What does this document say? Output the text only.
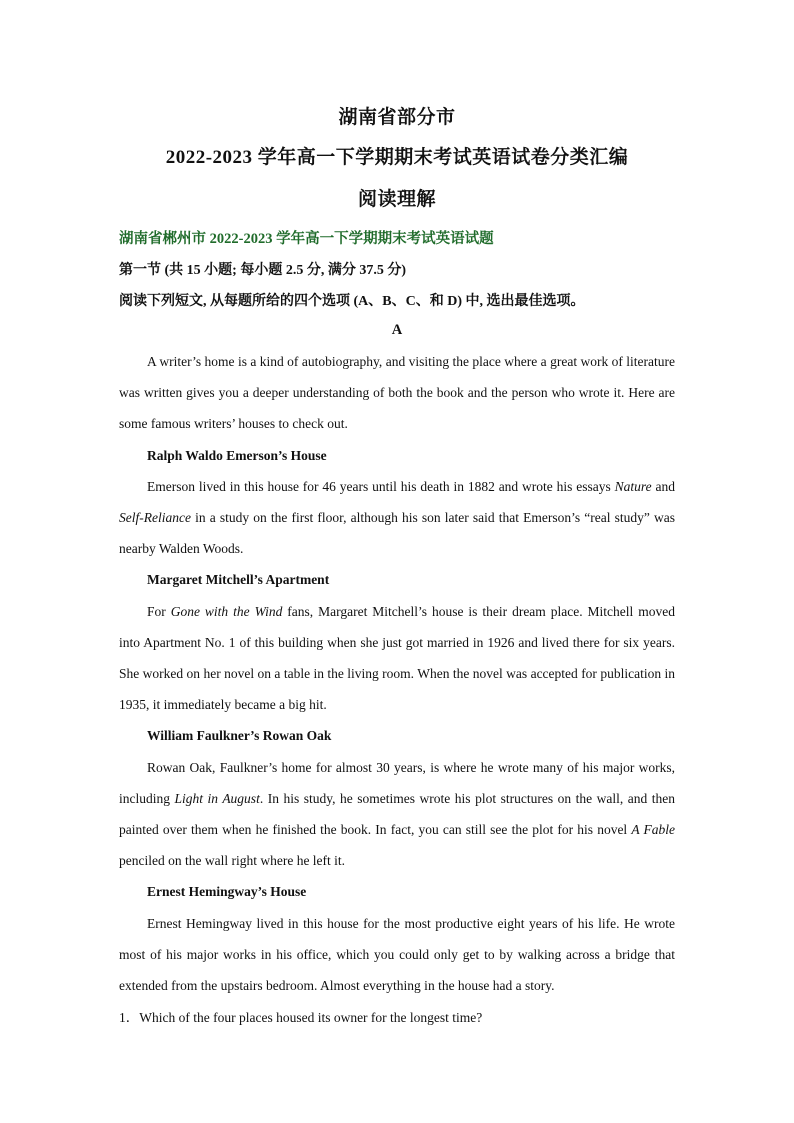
湖南省部分市
2022-2023 学年高一下学期期末考试英语试卷分类汇编
阅读理解
湖南省郴州市 2022-2023 学年高一下学期期末考试英语试题
第一节 (共 15 小题; 每小题 2.5 分, 满分 37.5 分)
阅读下列短文, 从每题所给的四个选项 (A、B、C、和 D) 中, 选出最佳选项。
A

A writer’s home is a kind of autobiography, and visiting the place where a great work of literature was written gives you a deeper understanding of both the book and the person who wrote it. Here are some famous writers’ houses to check out.

Ralph Waldo Emerson’s House

Emerson lived in this house for 46 years until his death in 1882 and wrote his essays Nature and Self-Reliance in a study on the first floor, although his son later said that Emerson’s “real study” was nearby Walden Woods.

Margaret Mitchell’s Apartment

For Gone with the Wind fans, Margaret Mitchell’s house is their dream place. Mitchell moved into Apartment No. 1 of this building when she just got married in 1926 and lived there for six years. She worked on her novel on a table in the living room. When the novel was accepted for publication in 1935, it immediately became a big hit.

William Faulkner’s Rowan Oak

Rowan Oak, Faulkner’s home for almost 30 years, is where he wrote many of his major works, including Light in August. In his study, he sometimes wrote his plot structures on the wall, and then painted over them when he finished the book. In fact, you can still see the plot for his novel A Fable penciled on the wall right where he left it.

Ernest Hemingway’s House

Ernest Hemingway lived in this house for the most productive eight years of his life. He wrote most of his major works in his office, which you could only get to by walking across a bridge that extended from the upstairs bedroom. Almost everything in the house had a story.

1．Which of the four places housed its owner for the longest time?
